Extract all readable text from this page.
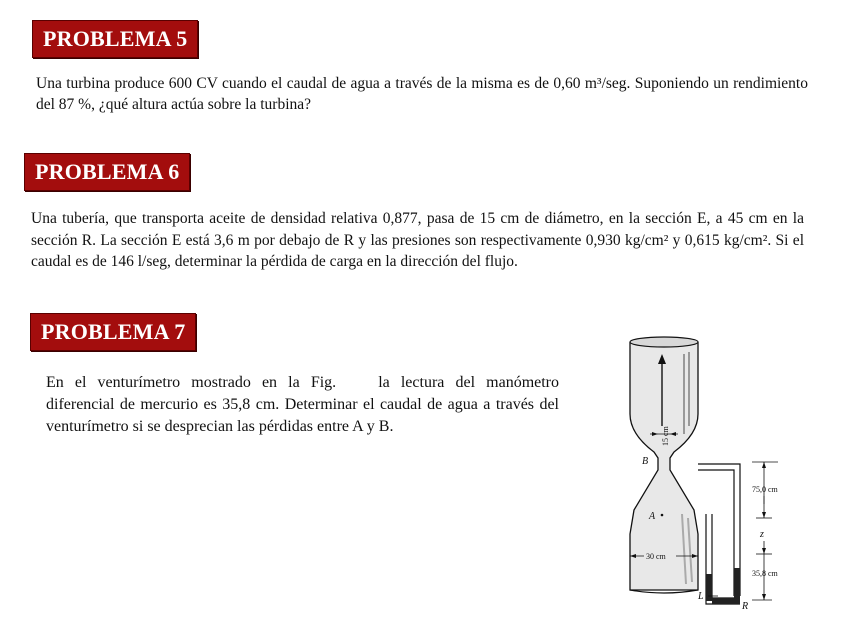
PROBLEMA 5
Una turbina produce 600 CV cuando el caudal de agua a través de la misma es de 0,60 m³/seg. Suponiendo un rendimiento del 87 %, ¿qué altura actúa sobre la turbina?
PROBLEMA 6
Una tubería, que transporta aceite de densidad relativa 0,877, pasa de 15 cm de diámetro, en la sección E, a 45 cm en la sección R. La sección E está 3,6 m por debajo de R y las presiones son respectivamente 0,930 kg/cm² y 0,615 kg/cm². Si el caudal es de 146 l/seg, determinar la pérdida de carga en la dirección del flujo.
PROBLEMA 7
En el venturímetro mostrado en la Fig.	la lectura del manómetro diferencial de mercurio es 35,8 cm. Determinar el caudal de agua a través del venturímetro si se desprecian las pérdidas entre A y B.	15 cm
B
A
30 cm
L
R
75,0 cm
z
35,8 cm
